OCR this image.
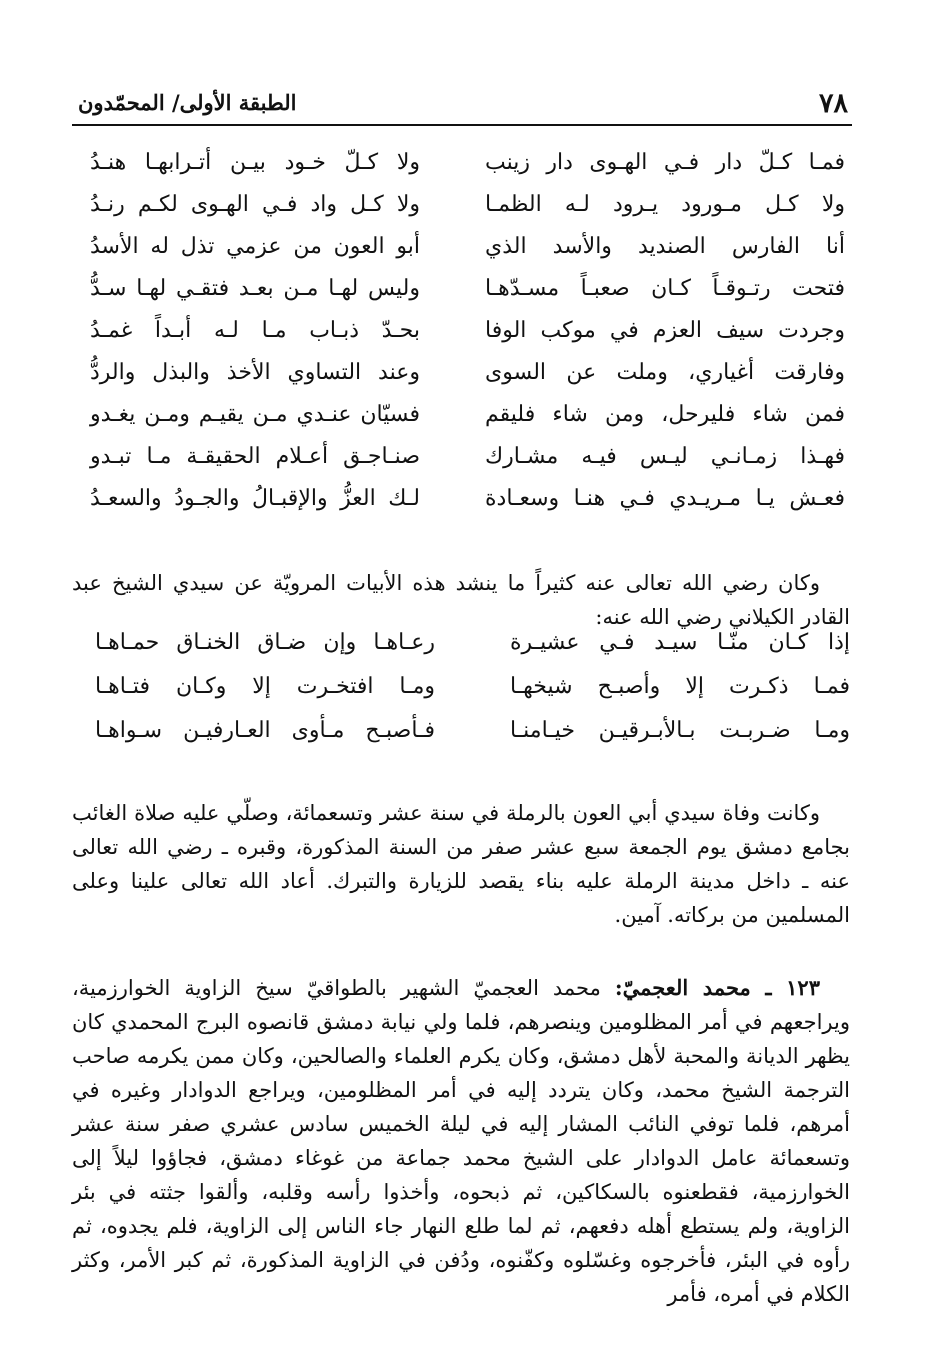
٧٨
الطبقة الأولى/ المحمّدون
فمـا كـلّ دار فـي الهـوى دار زينب
ولا كـلّ خـود بيـن أتـرابهـا هنـدُ
ولا كـل مـورود يـرود لـه الظمـا
ولا كـل واد فـي الهـوى لكـم رنـدُ
أنا الفارس الصنديد والأسد الذي
أبو العون من عزمي تذل له الأسدُ
فتحت رتـوقـاً كـان صعبـاً مسـدّهـا
وليس لهـا مـن بعـد فتقـي لهـا سـدُّ
وجردت سيف العزم في موكب الوفا
بحـدّ ذبـاب مـا لـه أبـداً غمـدُ
وفارقت أغياري، وملت عن السوى
وعند التساوي الأخذ والبذل والردُّ
فمن شاء فليرحل، ومن شاء فليقم
فسيّان عنـدي مـن يقيـم ومـن يغـدو
فهـذا زمـانـي ليـس فيـه مشـارك
صنـاجـق أعـلام الحقيقـة مـا تبـدو
فعـش يـا مـريـدي فـي هنـا وسعـادة
لـك العزُّ والإقبـالُ والجـودُ والسعـدُ

وكان رضي الله تعالى عنه كثيراً ما ينشد هذه الأبيات المرويّة عن سيدي الشيخ عبد القادر الكيلاني رضي الله عنه:

إذا كـان منّـا سيـد فـي عشيـرة
رعـاهـا وإن ضـاق الخنـاق حمـاهـا
فمـا ذكـرت إلا وأصبـح شيخهـا
ومـا افتخـرت إلا وكـان فتـاهـا
ومـا ضـربـت بـالأبـرقيـن خيـامنـا
فـأصبـح مـأوى العـارفيـن سـواهـا

وكانت وفاة سيدي أبي العون بالرملة في سنة عشر وتسعمائة، وصلّي عليه صلاة الغائب بجامع دمشق يوم الجمعة سبع عشر صفر من السنة المذكورة، وقبره ـ رضي الله تعالى عنه ـ داخل مدينة الرملة عليه بناء يقصد للزيارة والتبرك. أعاد الله تعالى علينا وعلى المسلمين من بركاته. آمين.

١٢٣ ـ محمد العجميّ: محمد العجميّ الشهير بالطواقيّ سيخ الزاوية الخوارزمية، ويراجعهم في أمر المظلومين وينصرهم، فلما ولي نيابة دمشق قانصوه البرج المحمدي كان يظهر الديانة والمحبة لأهل دمشق، وكان يكرم العلماء والصالحين، وكان ممن يكرمه صاحب الترجمة الشيخ محمد، وكان يتردد إليه في أمر المظلومين، ويراجع الدوادار وغيره في أمرهم، فلما توفي النائب المشار إليه في ليلة الخميس سادس عشري صفر سنة عشر وتسعمائة عامل الدوادار على الشيخ محمد جماعة من غوغاء دمشق، فجاؤوا ليلاً إلى الخوارزمية، فقطعنوه بالسكاكين، ثم ذبحوه، وأخذوا رأسه وقلبه، وألقوا جثته في بئر الزاوية، ولم يستطع أهله دفعهم، ثم لما طلع النهار جاء الناس إلى الزاوية، فلم يجدوه، ثم رأوه في البئر، فأخرجوه وغسّلوه وكفّنوه، ودُفن في الزاوية المذكورة، ثم كبر الأمر، وكثر الكلام في أمره، فأمر
